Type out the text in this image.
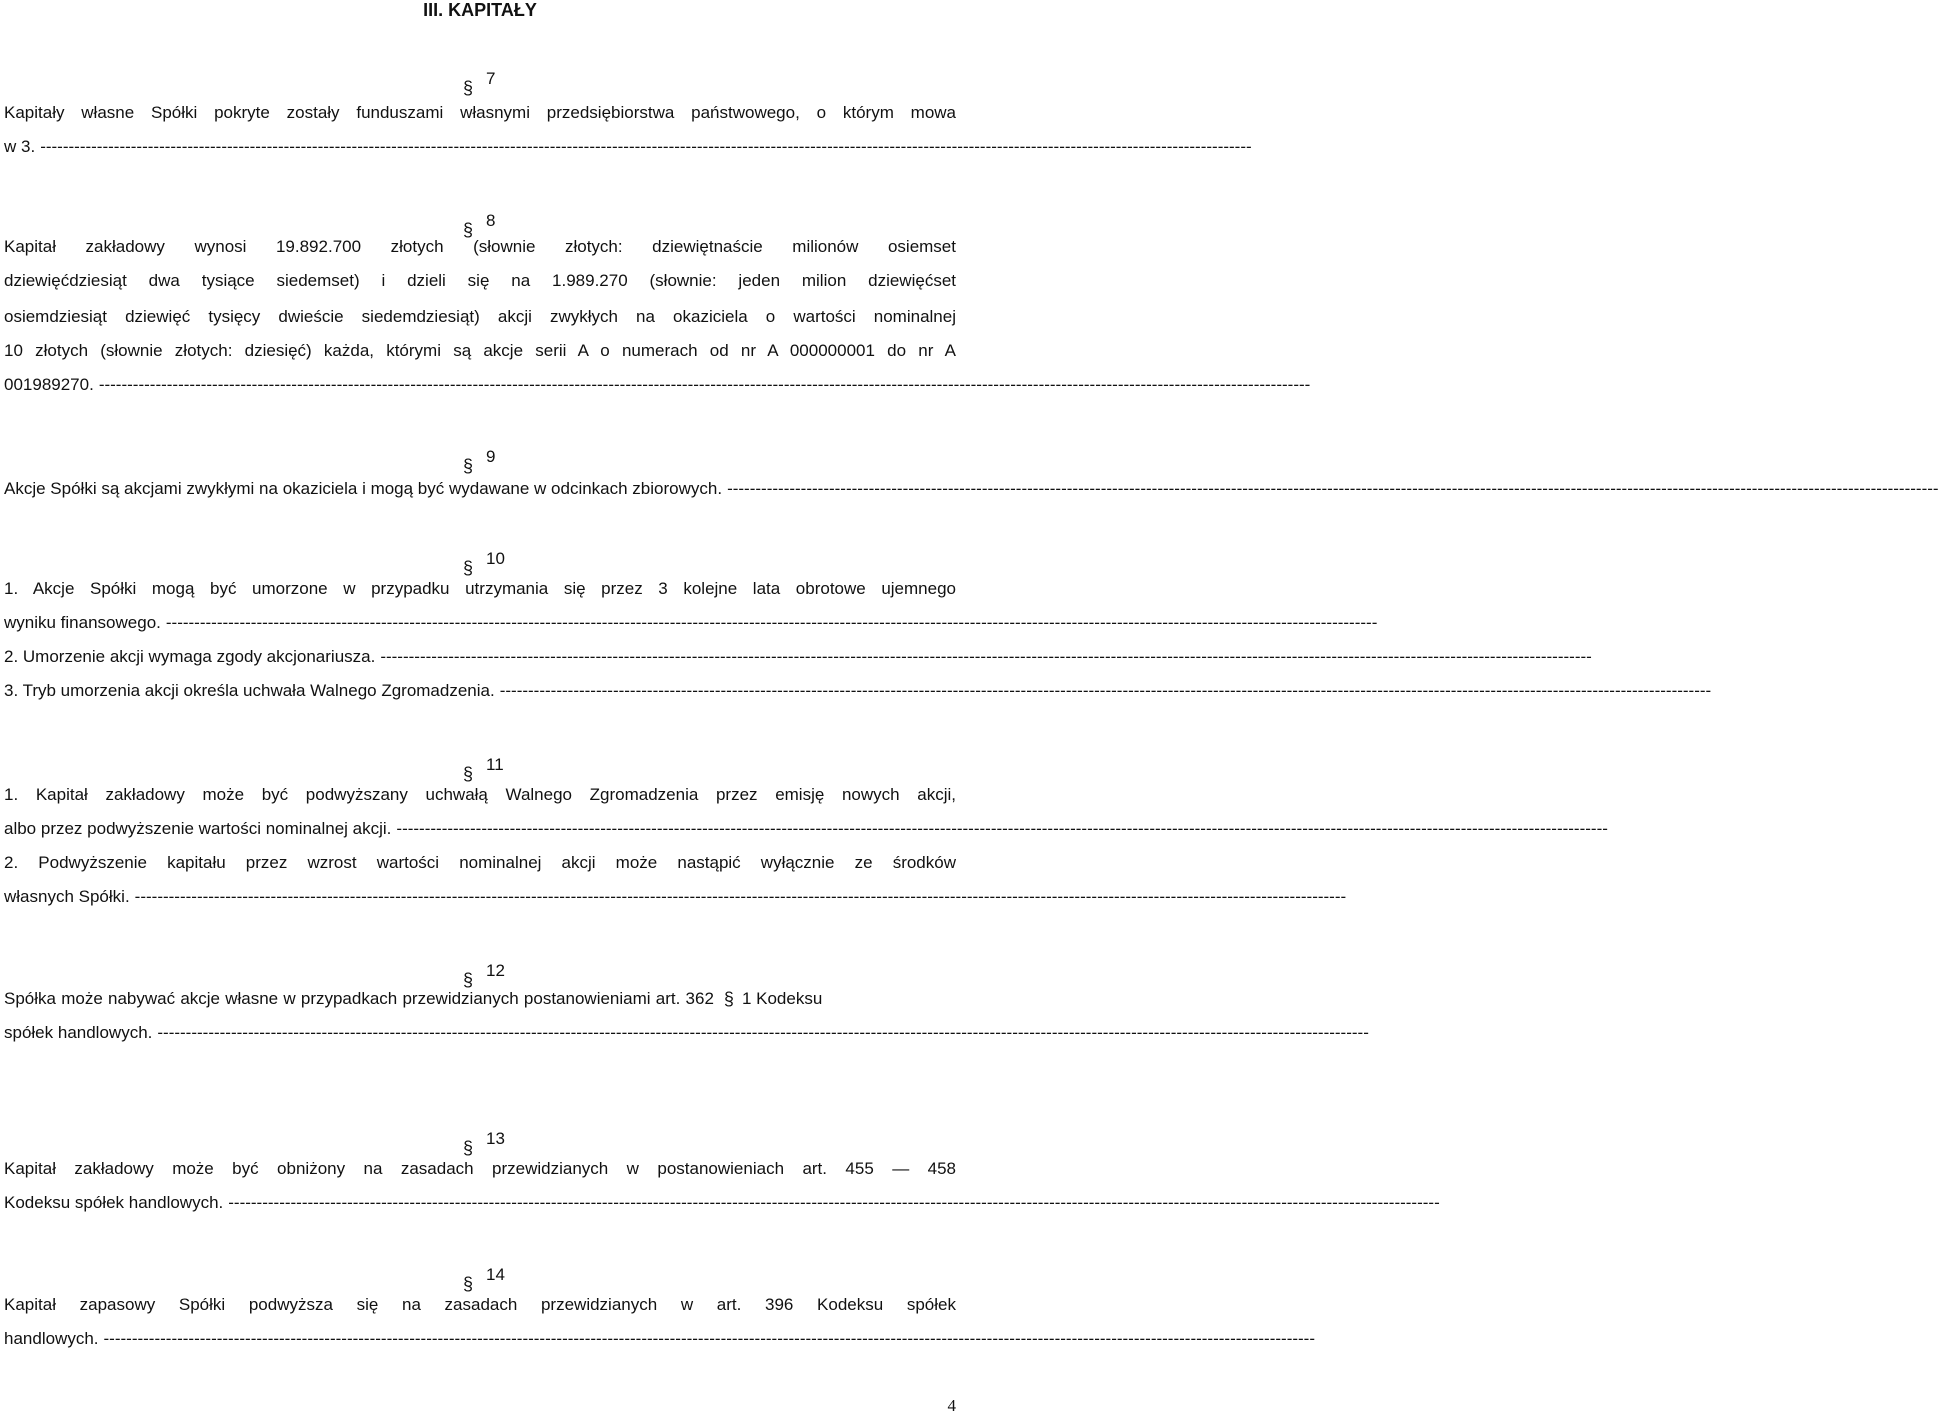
III. KAPITAŁY
§ 7
Kapitały własne Spółki pokryte zostały funduszami własnymi przedsiębiorstwa państwowego, o którym mowa
w 3. ----------------------------------------------------------------------------------------------------------------------------------------------------------------------------------------------------------------------
§ 8
Kapitał zakładowy wynosi 19.892.700 złotych (słownie złotych: dziewiętnaście milionów osiemset
dziewięćdziesiąt dwa tysiące siedemset) i dzieli się na 1.989.270 (słownie: jeden milion dziewięćset
osiemdziesiąt dziewięć tysięcy dwieście siedemdziesiąt) akcji zwykłych na okaziciela o wartości nominalnej
10 złotych (słownie złotych: dziesięć) każda, którymi są akcje serii A o numerach od nr A 000000001 do nr A
001989270. ----------------------------------------------------------------------------------------------------------------------------------------------------------------------------------------------------------------------
§ 9
Akcje Spółki są akcjami zwykłymi na okaziciela i mogą być wydawane w odcinkach zbiorowych. ----------------------------------------------------------------------------------------------------------------------------------------------------------------------------------------------------------------------
§ 10
1. Akcje Spółki mogą być umorzone w przypadku utrzymania się przez 3 kolejne lata obrotowe ujemnego
wyniku finansowego. ----------------------------------------------------------------------------------------------------------------------------------------------------------------------------------------------------------------------
2. Umorzenie akcji wymaga zgody akcjonariusza. ----------------------------------------------------------------------------------------------------------------------------------------------------------------------------------------------------------------------
3. Tryb umorzenia akcji określa uchwała Walnego Zgromadzenia. ----------------------------------------------------------------------------------------------------------------------------------------------------------------------------------------------------------------------
§ 11
1. Kapitał zakładowy może być podwyższany uchwałą Walnego Zgromadzenia przez emisję nowych akcji,
albo przez podwyższenie wartości nominalnej akcji. ----------------------------------------------------------------------------------------------------------------------------------------------------------------------------------------------------------------------
2. Podwyższenie kapitału przez wzrost wartości nominalnej akcji może nastąpić wyłącznie ze środków
własnych Spółki. ----------------------------------------------------------------------------------------------------------------------------------------------------------------------------------------------------------------------
§ 12
Spółka może nabywać akcje własne w przypadkach przewidzianych postanowieniami art. 362 § 1 Kodeksu
spółek handlowych. ----------------------------------------------------------------------------------------------------------------------------------------------------------------------------------------------------------------------
§ 13
Kapitał zakładowy może być obniżony na zasadach przewidzianych w postanowieniach art. 455 — 458
Kodeksu spółek handlowych. ----------------------------------------------------------------------------------------------------------------------------------------------------------------------------------------------------------------------
§ 14
Kapitał zapasowy Spółki podwyższa się na zasadach przewidzianych w art. 396 Kodeksu spółek
handlowych. ----------------------------------------------------------------------------------------------------------------------------------------------------------------------------------------------------------------------
4
